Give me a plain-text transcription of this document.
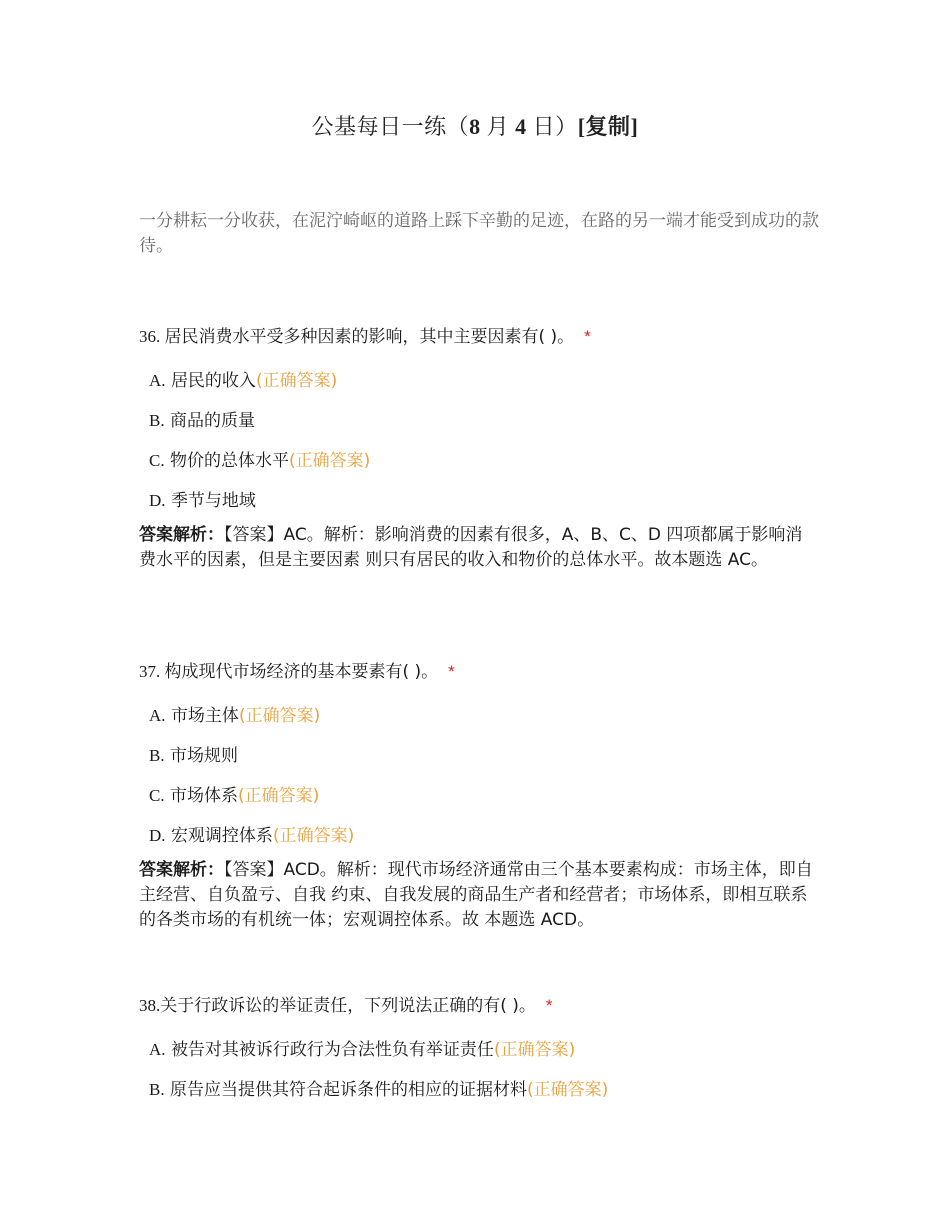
公基每日一练（8 月 4 日）[复制]
一分耕耘一分收获，在泥泞崎岖的道路上踩下辛勤的足迹，在路的另一端才能受到成功的款待。

36. 居民消费水平受多种因素的影响，其中主要因素有( )。 *

A. 居民的收入(正确答案)
B. 商品的质量
C. 物价的总体水平(正确答案)
D. 季节与地域
答案解析：【答案】AC。解析：影响消费的因素有很多，A、B、C、D 四项都属于影响消费水平的因素，但是主要因素 则只有居民的收入和物价的总体水平。故本题选 AC。

37. 构成现代市场经济的基本要素有( )。 *

A. 市场主体(正确答案)
B. 市场规则
C. 市场体系(正确答案)
D. 宏观调控体系(正确答案)
答案解析：【答案】ACD。解析：现代市场经济通常由三个基本要素构成：市场主体，即自主经营、自负盈亏、自我 约束、自我发展的商品生产者和经营者；市场体系，即相互联系的各类市场的有机统一体；宏观调控体系。故 本题选 ACD。

38.关于行政诉讼的举证责任，下列说法正确的有( )。 *

A. 被告对其被诉行政行为合法性负有举证责任(正确答案)
B. 原告应当提供其符合起诉条件的相应的证据材料(正确答案)
